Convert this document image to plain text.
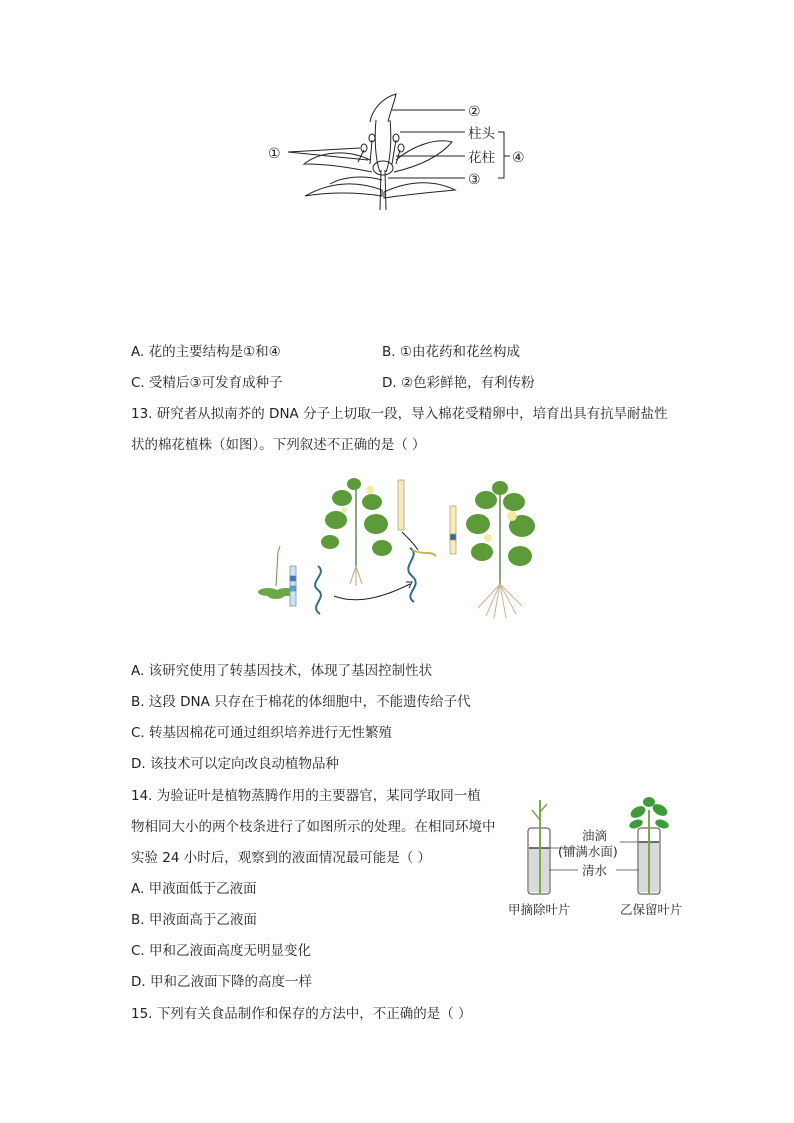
①
②
柱头
花柱
③
④
A. 花的主要结构是①和④	B. ①由花药和花丝构成
C. 受精后③可发育成种子	D. ②色彩鲜艳，有利传粉
13. 研究者从拟南芥的 DNA 分子上切取一段，导入棉花受精卵中，培育出具有抗旱耐盐性
状的棉花植株（如图）。下列叙述不正确的是（ ）
A. 该研究使用了转基因技术，体现了基因控制性状
B. 这段 DNA 只存在于棉花的体细胞中，不能遗传给子代
C. 转基因棉花可通过组织培养进行无性繁殖
D. 该技术可以定向改良动植物品种
14. 为验证叶是植物蒸腾作用的主要器官，某同学取同一植
物相同大小的两个枝条进行了如图所示的处理。在相同环境中
实验 24 小时后，观察到的液面情况最可能是（ ）
A. 甲液面低于乙液面
B. 甲液面高于乙液面
C. 甲和乙液面高度无明显变化
D. 甲和乙液面下降的高度一样
油滴
(铺满水面)
清水
甲摘除叶片	乙保留叶片
15. 下列有关食品制作和保存的方法中，不正确的是（ ）
